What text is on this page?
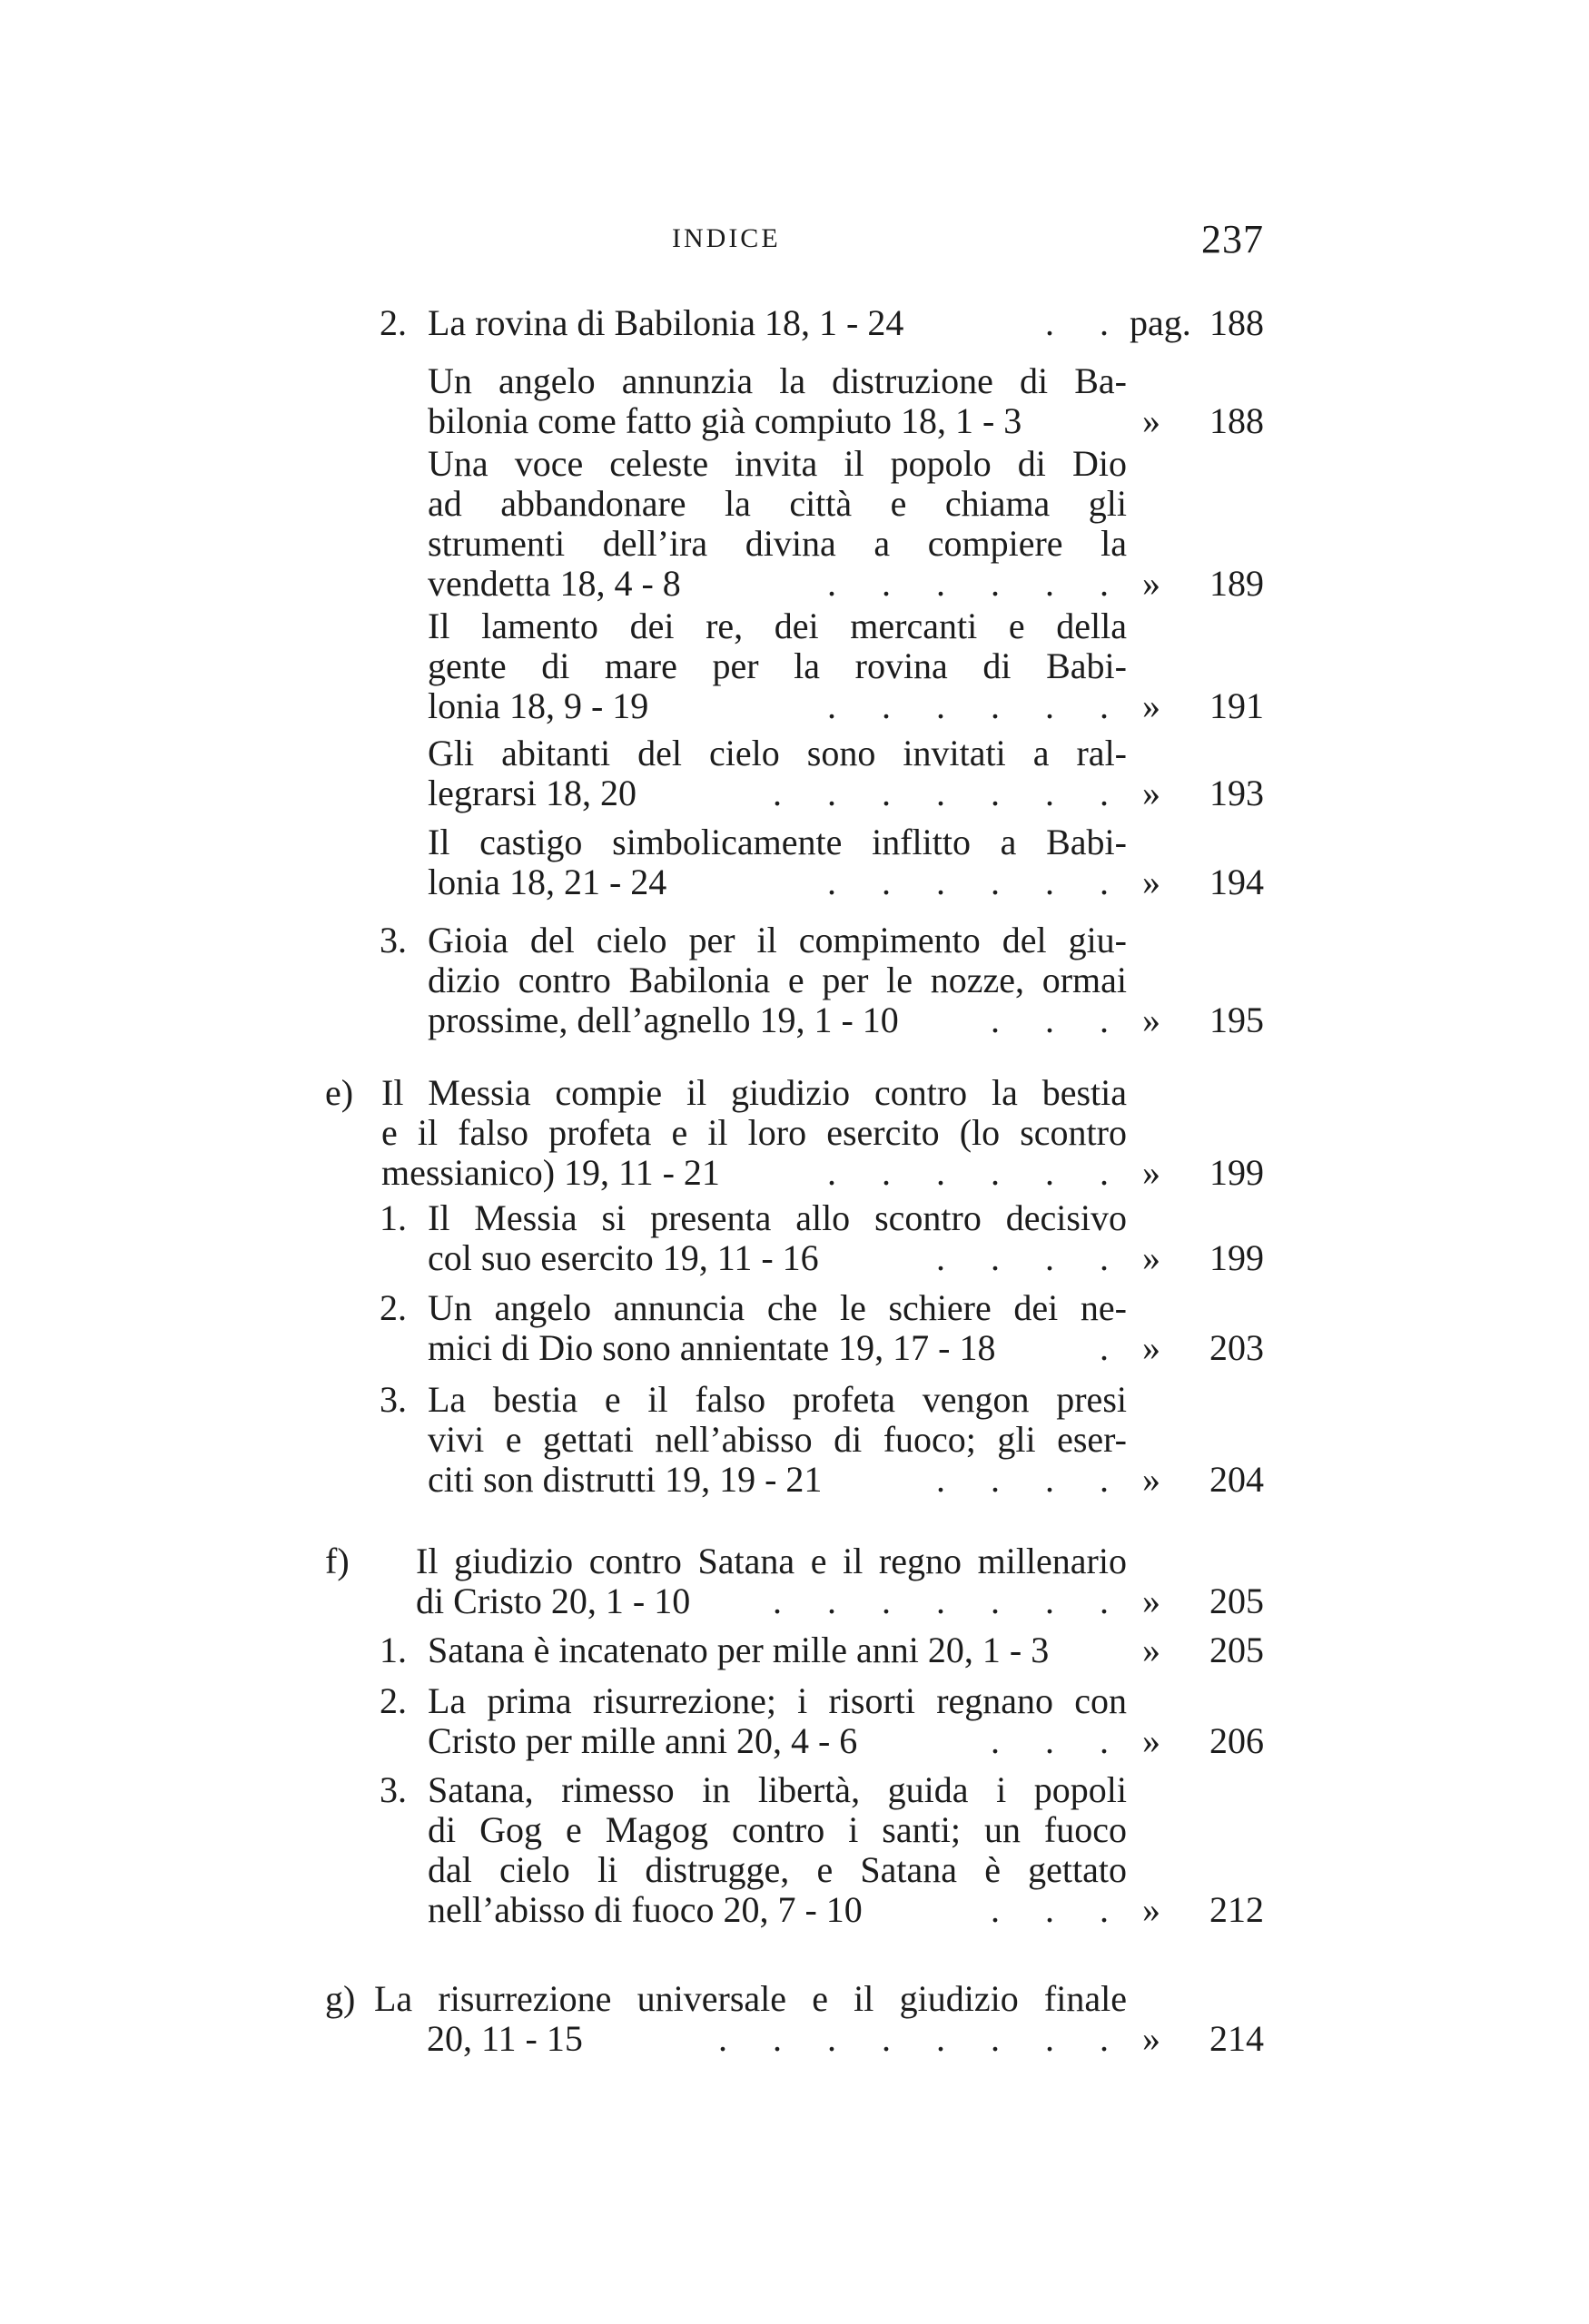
INDICE	237
2. La rovina di Babilonia 18, 1 - 24	. . pag. 188
Un angelo annunzia la distruzione di Ba-
bilonia come fatto già compiuto 18, 1 - 3	» 188
Una voce celeste invita il popolo di Dio
ad abbandonare la città e chiama gli
strumenti dell’ira divina a compiere la
vendetta 18, 4 - 8	. . . . . . » 189
Il lamento dei re, dei mercanti e della
gente di mare per la rovina di Babi-
lonia 18, 9 - 19	. . . . . . » 191
Gli abitanti del cielo sono invitati a ral-
legrarsi 18, 20	. . . . . . . » 193
Il castigo simbolicamente inflitto a Babi-
lonia 18, 21 - 24	. . . . . . » 194
3. Gioia del cielo per il compimento del giu-
dizio contro Babilonia e per le nozze, ormai
prossime, dell’agnello 19, 1 - 10	. . . » 195
e) Il Messia compie il giudizio contro la bestia
e il falso profeta e il loro esercito (lo scontro
messianico) 19, 11 - 21	. . . . . . » 199
1. Il Messia si presenta allo scontro decisivo
col suo esercito 19, 11 - 16	. . . . » 199
2. Un angelo annuncia che le schiere dei ne-
mici di Dio sono annientate 19, 17 - 18	. » 203
3. La bestia e il falso profeta vengon presi
vivi e gettati nell’abisso di fuoco; gli eser-
citi son distrutti 19, 19 - 21	. . . . » 204
f) Il giudizio contro Satana e il regno millenario
di Cristo 20, 1 - 10 . . . . . . . » 205
1. Satana è incatenato per mille anni 20, 1 - 3	» 205
2. La prima risurrezione; i risorti regnano con
Cristo per mille anni 20, 4 - 6	. . . » 206
3. Satana, rimesso in libertà, guida i popoli
di Gog e Magog contro i santi; un fuoco
dal cielo li distrugge, e Satana è gettato
nell’abisso di fuoco 20, 7 - 10	. . . » 212
g) La risurrezione universale e il giudizio finale
20, 11 - 15	. . . . . . . . » 214
